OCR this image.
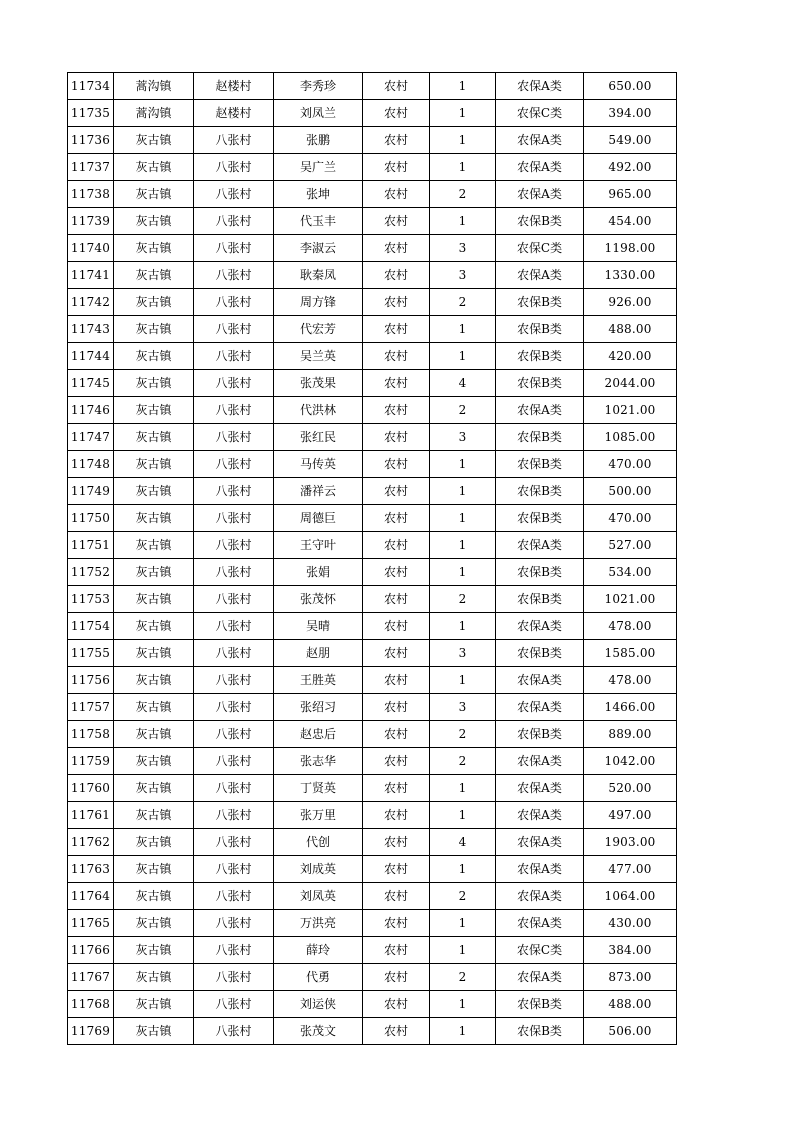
11734	蒿沟镇	赵楼村	李秀珍	农村	1	农保A类	650.00
11735	蒿沟镇	赵楼村	刘凤兰	农村	1	农保C类	394.00
11736	灰古镇	八张村	张鹏	农村	1	农保A类	549.00
11737	灰古镇	八张村	吴广兰	农村	1	农保A类	492.00
11738	灰古镇	八张村	张坤	农村	2	农保A类	965.00
11739	灰古镇	八张村	代玉丰	农村	1	农保B类	454.00
11740	灰古镇	八张村	李淑云	农村	3	农保C类	1198.00
11741	灰古镇	八张村	耿秦凤	农村	3	农保A类	1330.00
11742	灰古镇	八张村	周方锋	农村	2	农保B类	926.00
11743	灰古镇	八张村	代宏芳	农村	1	农保B类	488.00
11744	灰古镇	八张村	吴兰英	农村	1	农保B类	420.00
11745	灰古镇	八张村	张茂果	农村	4	农保B类	2044.00
11746	灰古镇	八张村	代洪林	农村	2	农保A类	1021.00
11747	灰古镇	八张村	张红民	农村	3	农保B类	1085.00
11748	灰古镇	八张村	马传英	农村	1	农保B类	470.00
11749	灰古镇	八张村	潘祥云	农村	1	农保B类	500.00
11750	灰古镇	八张村	周德巨	农村	1	农保B类	470.00
11751	灰古镇	八张村	王守叶	农村	1	农保A类	527.00
11752	灰古镇	八张村	张娟	农村	1	农保B类	534.00
11753	灰古镇	八张村	张茂怀	农村	2	农保B类	1021.00
11754	灰古镇	八张村	吴晴	农村	1	农保A类	478.00
11755	灰古镇	八张村	赵朋	农村	3	农保B类	1585.00
11756	灰古镇	八张村	王胜英	农村	1	农保A类	478.00
11757	灰古镇	八张村	张绍习	农村	3	农保A类	1466.00
11758	灰古镇	八张村	赵忠后	农村	2	农保B类	889.00
11759	灰古镇	八张村	张志华	农村	2	农保A类	1042.00
11760	灰古镇	八张村	丁贤英	农村	1	农保A类	520.00
11761	灰古镇	八张村	张万里	农村	1	农保A类	497.00
11762	灰古镇	八张村	代创	农村	4	农保A类	1903.00
11763	灰古镇	八张村	刘成英	农村	1	农保A类	477.00
11764	灰古镇	八张村	刘凤英	农村	2	农保A类	1064.00
11765	灰古镇	八张村	万洪亮	农村	1	农保A类	430.00
11766	灰古镇	八张村	薛玲	农村	1	农保C类	384.00
11767	灰古镇	八张村	代勇	农村	2	农保A类	873.00
11768	灰古镇	八张村	刘运侠	农村	1	农保B类	488.00
11769	灰古镇	八张村	张茂文	农村	1	农保B类	506.00
